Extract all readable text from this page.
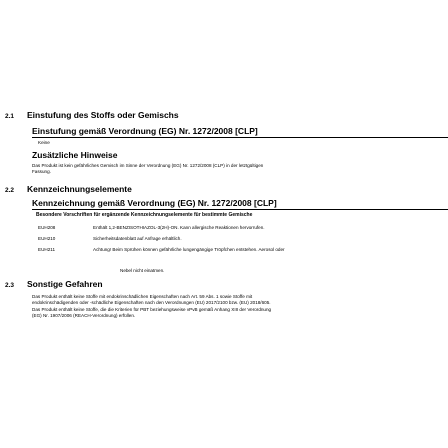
2.1 Einstufung des Stoffs oder Gemischs
Einstufung gemäß Verordnung (EG) Nr. 1272/2008 [CLP]
Keine
Zusätzliche Hinweise
Das Produkt ist kein gefährliches Gemisch im Sinne der Verordnung (EG) Nr. 1272/2008 (CLP) in der letztgültigen
Fassung.
2.2 Kennzeichnungselemente
Kennzeichnung gemäß Verordnung (EG) Nr. 1272/2008 [CLP]
Besondere Vorschriften für ergänzende Kennzeichnungselemente für bestimmte Gemische
EUH208	Enthält 1,2-BENZISOTHIAZOL-3(2H)-ON. Kann allergische Reaktionen hervorrufen.
EUH210	Sicherheitsdatenblatt auf Anfrage erhältlich.
EUH211	Achtung! Beim Sprühen können gefährliche lungengängige Tröpfchen entstehen. Aerosol oder
Nebel nicht einatmen.
2.3 Sonstige Gefahren
Das Produkt enthält keine Stoffe mit endokrinschädlichen Eigenschaften nach Art. 59 Abs. 1 sowie Stoffe mit
endokrinschädigenden oder -schädliche Eigenschaften nach den Verordnungen (EU) 2017/2100 bzw. (EU) 2018/605.
Das Produkt enthält keine Stoffe, die die Kriterien für PBT beziehungsweise vPvB gemäß Anhang XIII der Verordnung
(EG) Nr. 1907/2006 (REACH-Verordnung) erfüllen.
